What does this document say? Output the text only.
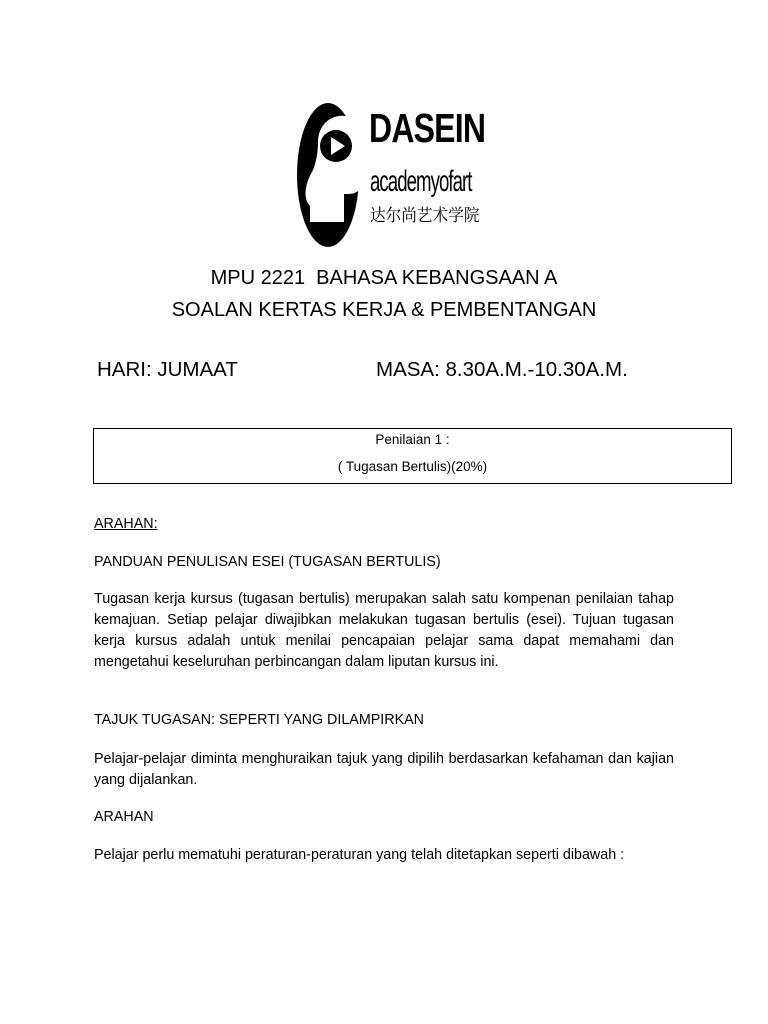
DASEIN
academyofart
达尔尚艺术学院
MPU 2221  BAHASA KEBANGSAAN A
SOALAN KERTAS KERJA & PEMBENTANGAN
HARI: JUMAAT	MASA: 8.30A.M.-10.30A.M.
Penilaian 1 :
( Tugasan Bertulis)(20%)
ARAHAN:
PANDUAN PENULISAN ESEI (TUGASAN BERTULIS)
Tugasan kerja kursus (tugasan bertulis) merupakan salah satu kompenan penilaian tahap kemajuan. Setiap pelajar diwajibkan melakukan tugasan bertulis (esei). Tujuan tugasan kerja kursus adalah untuk menilai pencapaian pelajar sama dapat memahami dan mengetahui keseluruhan perbincangan dalam liputan kursus ini.
TAJUK TUGASAN: SEPERTI YANG DILAMPIRKAN
Pelajar-pelajar diminta menghuraikan tajuk yang dipilih berdasarkan kefahaman dan kajian yang dijalankan.
ARAHAN
Pelajar perlu mematuhi peraturan-peraturan yang telah ditetapkan seperti dibawah :
